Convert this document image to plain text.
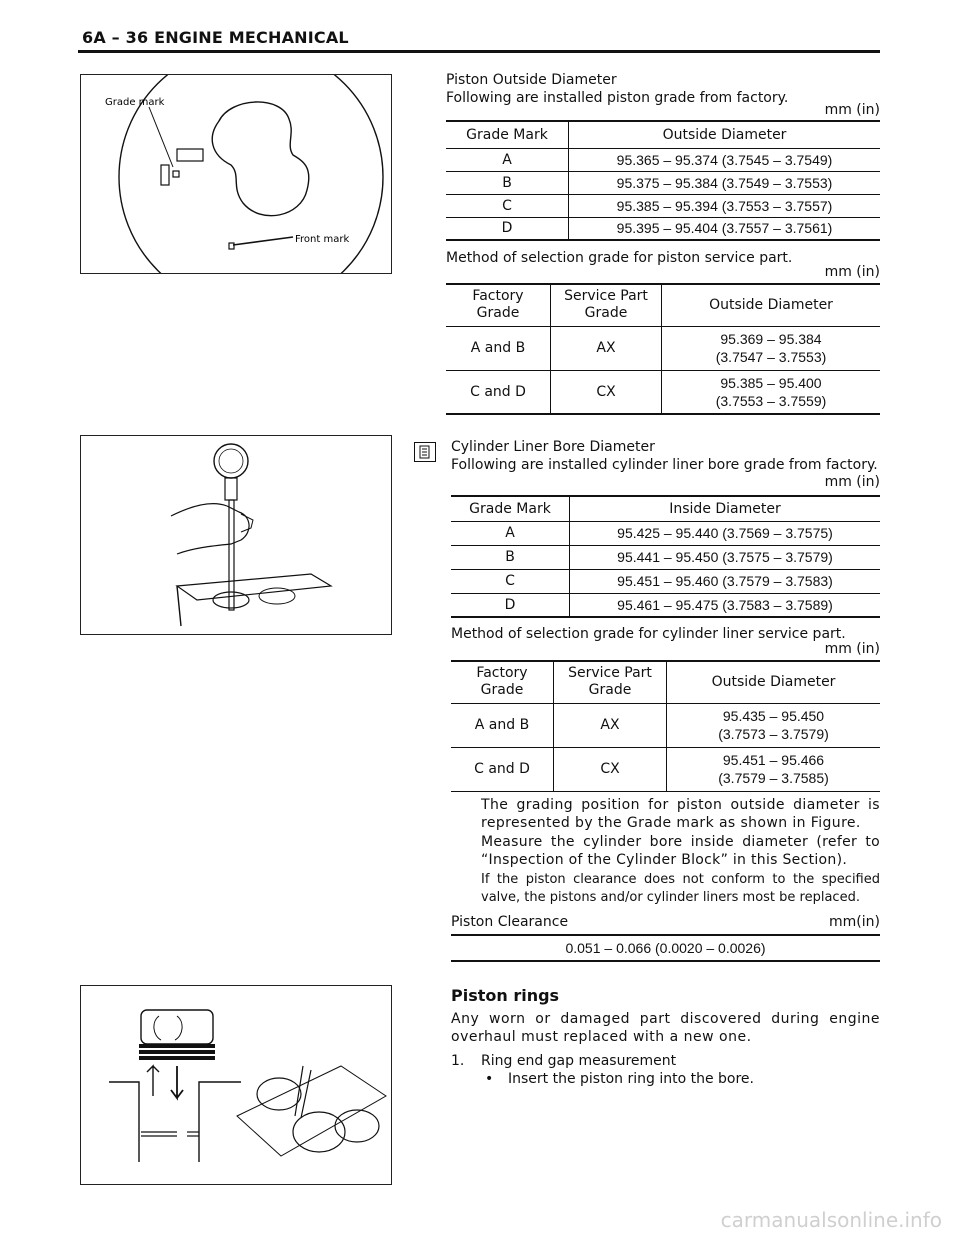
6A – 36 ENGINE MECHANICAL
Grade mark
Front mark
Piston Outside Diameter
Following are installed piston grade from factory.
mm (in)
Grade Mark	Outside Diameter
A	95.365 – 95.374 (3.7545 – 3.7549)
B	95.375 – 95.384 (3.7549 – 3.7553)
C	95.385 – 95.394 (3.7553 – 3.7557)
D	95.395 – 95.404 (3.7557 – 3.7561)
Method of selection grade for piston service part.
mm (in)
Factory Grade	Service Part Grade	Outside Diameter
A and B	AX	95.369 – 95.384
(3.7547 – 3.7553)

C and D	CX	95.385 – 95.400
(3.7553 – 3.7559)
Cylinder Liner Bore Diameter
Following are installed cylinder liner bore grade from factory.
mm (in)
Grade Mark	Inside Diameter
A	95.425 – 95.440 (3.7569 – 3.7575)
B	95.441 – 95.450 (3.7575 – 3.7579)
C	95.451 – 95.460 (3.7579 – 3.7583)
D	95.461 – 95.475 (3.7583 – 3.7589)
Method of selection grade for cylinder liner service part.
mm (in)
Factory Grade	Service Part Grade	Outside Diameter
A and B	AX	95.435 – 95.450
(3.7573 – 3.7579)

C and D	CX	95.451 – 95.466
(3.7579 – 3.7585)
The grading position for piston outside diameter is represented by the Grade mark as shown in Figure.
Measure the cylinder bore inside diameter (refer to “Inspection of the Cylinder Block” in this Section).
If the piston clearance does not conform to the specified valve, the pistons and/or cylinder liners most be replaced.
Piston Clearance	mm(in)
0.051 – 0.066 (0.0020 – 0.0026)
Piston rings
Any worn or damaged part discovered during engine overhaul must replaced with a new one.
1. Ring end gap measurement
• Insert the piston ring into the bore.
carmanualsonline.info
